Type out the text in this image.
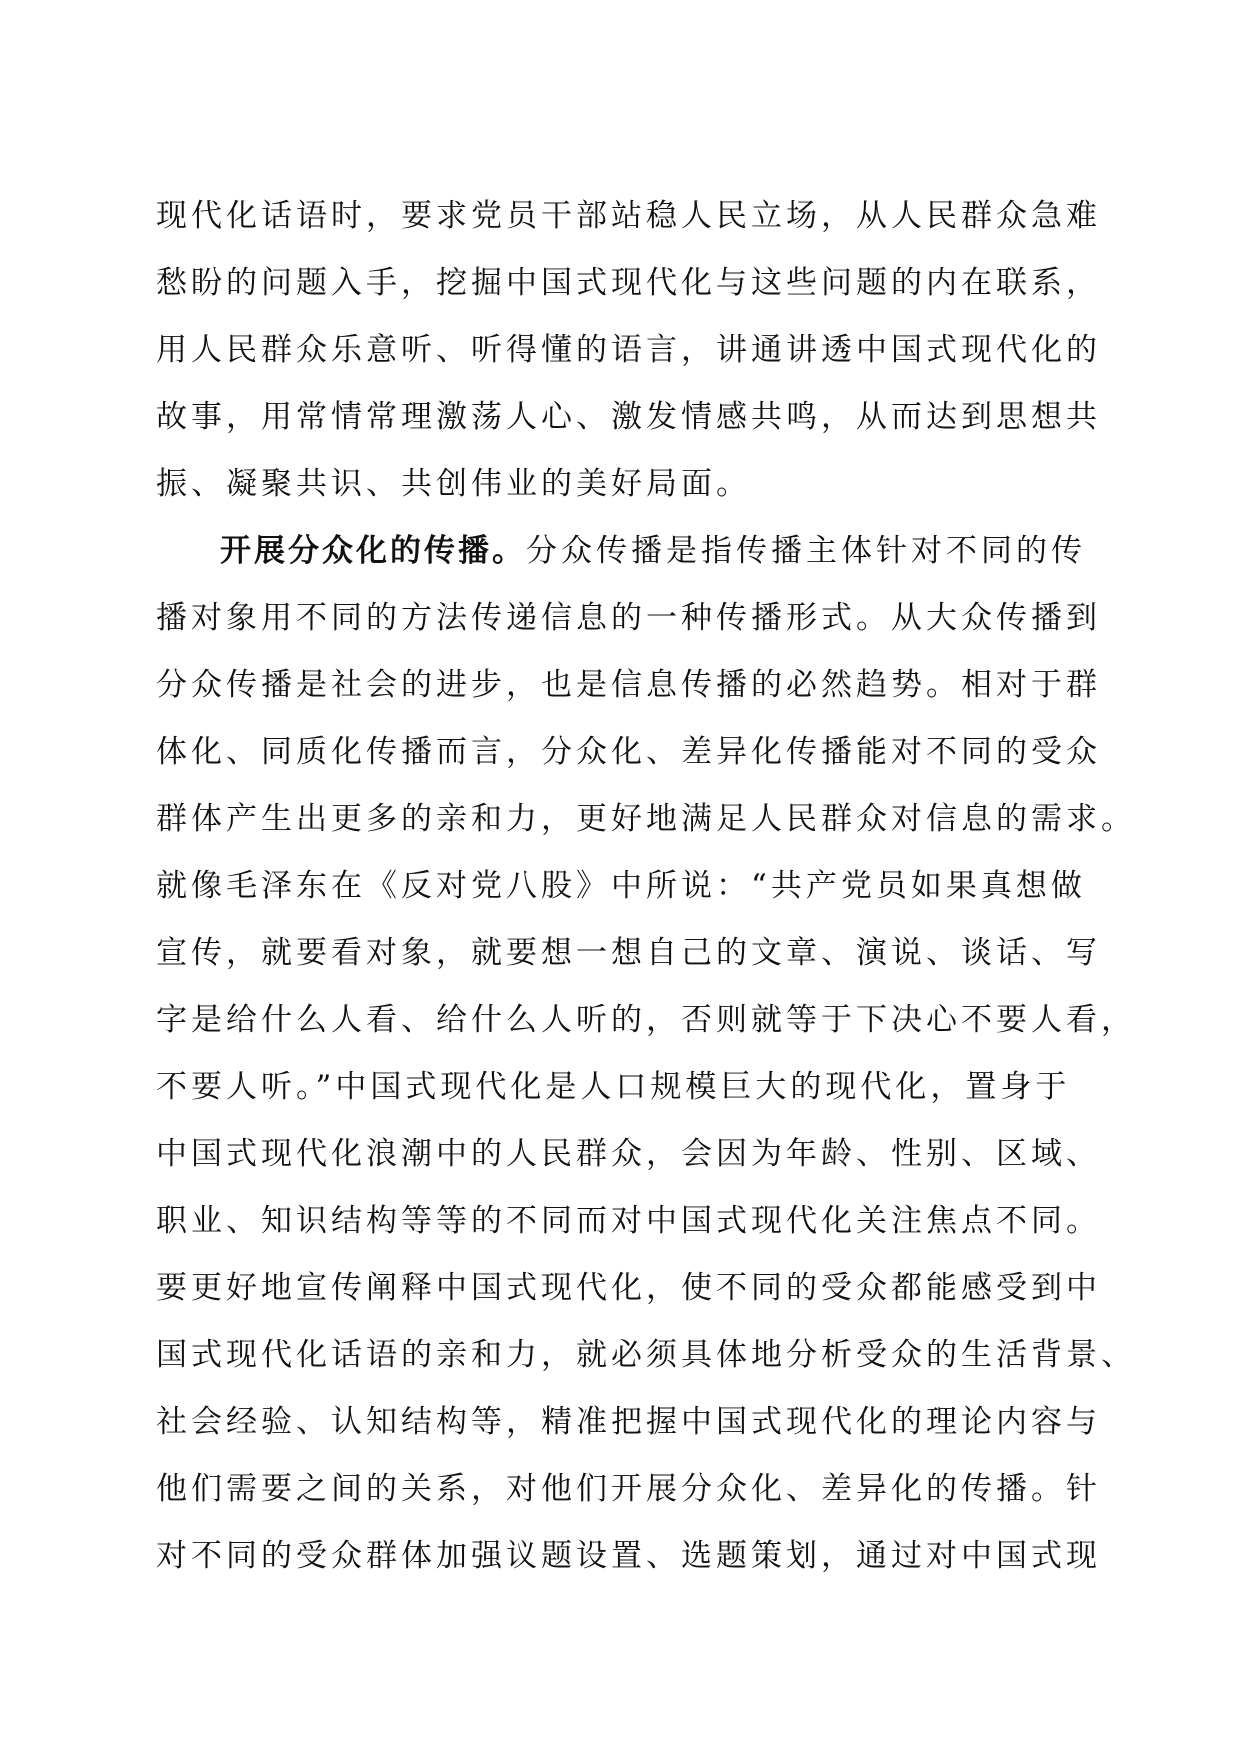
现代化话语时，要求党员干部站稳人民立场，从人民群众急难
愁盼的问题入手，挖掘中国式现代化与这些问题的内在联系，
用人民群众乐意听、听得懂的语言，讲通讲透中国式现代化的
故事，用常情常理激荡人心、激发情感共鸣，从而达到思想共
振、凝聚共识、共创伟业的美好局面。
开展分众化的传播。分众传播是指传播主体针对不同的传
播对象用不同的方法传递信息的一种传播形式。从大众传播到
分众传播是社会的进步，也是信息传播的必然趋势。相对于群
体化、同质化传播而言，分众化、差异化传播能对不同的受众
群体产生出更多的亲和力，更好地满足人民群众对信息的需求。
就像毛泽东在《反对党八股》中所说：“共产党员如果真想做
宣传，就要看对象，就要想一想自己的文章、演说、谈话、写
字是给什么人看、给什么人听的，否则就等于下决心不要人看，
不要人听。”中国式现代化是人口规模巨大的现代化，置身于
中国式现代化浪潮中的人民群众，会因为年龄、性别、区域、
职业、知识结构等等的不同而对中国式现代化关注焦点不同。
要更好地宣传阐释中国式现代化，使不同的受众都能感受到中
国式现代化话语的亲和力，就必须具体地分析受众的生活背景、
社会经验、认知结构等，精准把握中国式现代化的理论内容与
他们需要之间的关系，对他们开展分众化、差异化的传播。针
对不同的受众群体加强议题设置、选题策划，通过对中国式现
